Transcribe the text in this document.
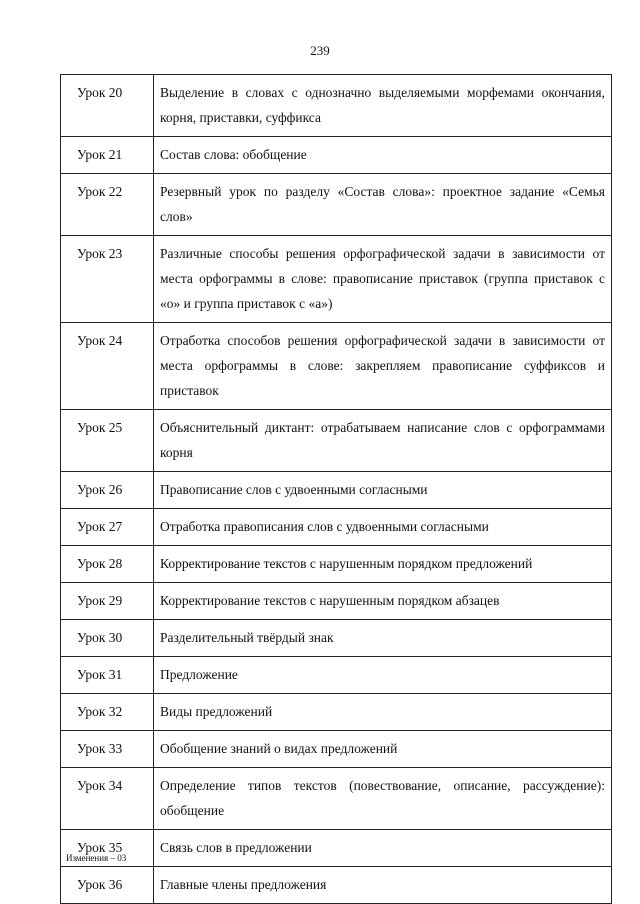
239
Урок 20	Выделение в словах с однозначно выделяемыми морфемами окончания, корня, приставки, суффикса
Урок 21	Состав слова: обобщение
Урок 22	Резервный урок по разделу «Состав слова»: проектное задание «Семья слов»
Урок 23	Различные способы решения орфографической задачи в зависимости от места орфограммы в слове: правописание приставок (группа приставок с «о» и группа приставок с «а»)
Урок 24	Отработка способов решения орфографической задачи в зависимости от места орфограммы в слове: закрепляем правописание суффиксов и приставок
Урок 25	Объяснительный диктант: отрабатываем написание слов с орфограммами корня
Урок 26	Правописание слов с удвоенными согласными
Урок 27	Отработка правописания слов с удвоенными согласными
Урок 28	Корректирование текстов с нарушенным порядком предложений
Урок 29	Корректирование текстов с нарушенным порядком абзацев
Урок 30	Разделительный твёрдый знак
Урок 31	Предложение
Урок 32	Виды предложений
Урок 33	Обобщение знаний о видах предложений
Урок 34	Определение типов текстов (повествование, описание, рассуждение): обобщение
Урок 35	Связь слов в предложении
Урок 36	Главные члены предложения
Изменения – 03
